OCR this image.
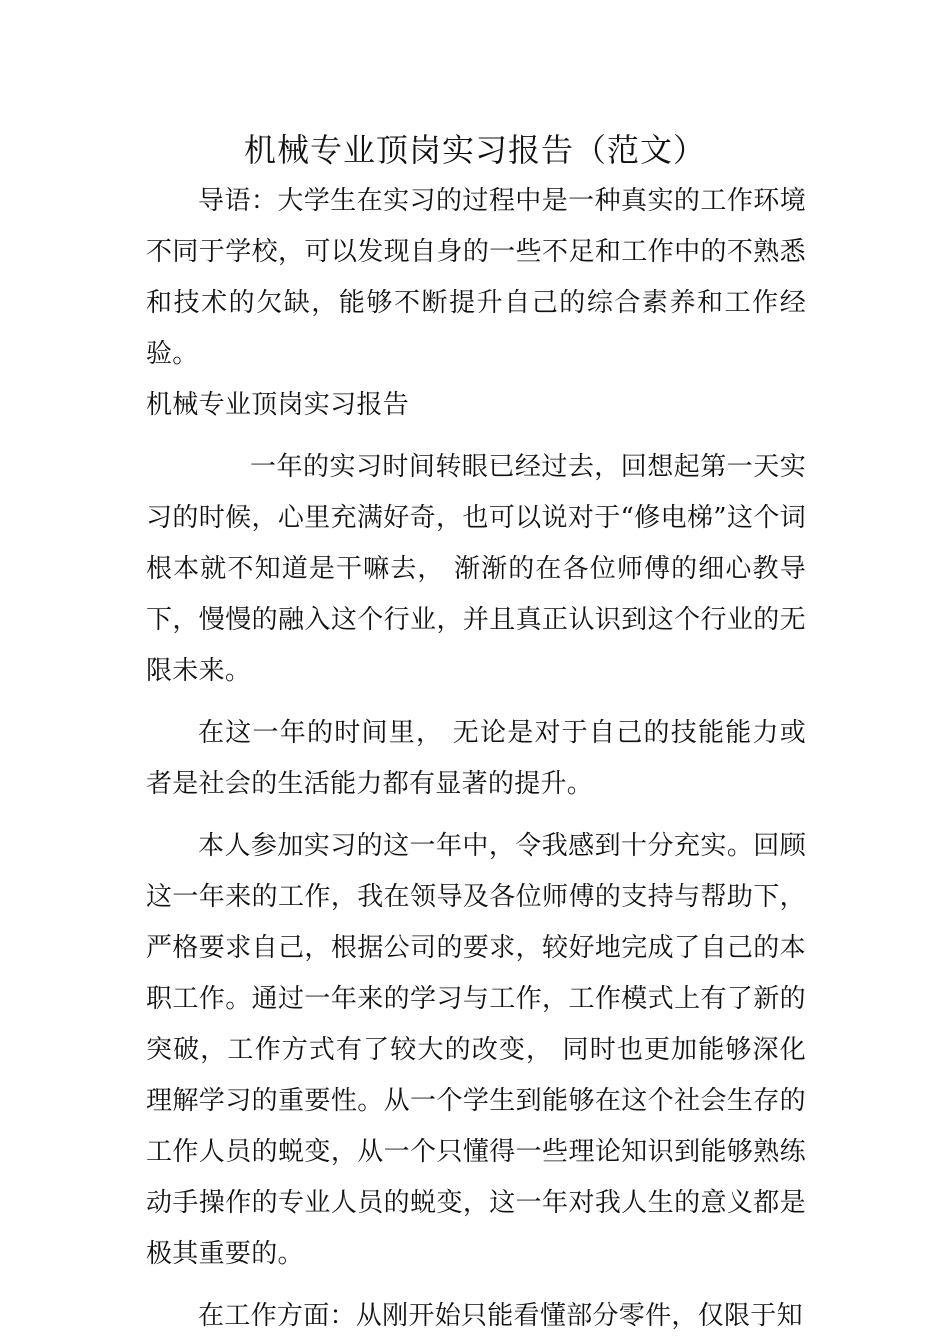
机械专业顶岗实习报告（范文）

导语：大学生在实习的过程中是一种真实的工作环境不同于学校，可以发现自身的一些不足和工作中的不熟悉和技术的欠缺，能够不断提升自己的综合素养和工作经验。

机械专业顶岗实习报告

一年的实习时间转眼已经过去，回想起第一天实习的时候，心里充满好奇，也可以说对于“修电梯”这个词根本就不知道是干嘛去， 渐渐的在各位师傅的细心教导下，慢慢的融入这个行业，并且真正认识到这个行业的无限未来。

在这一年的时间里， 无论是对于自己的技能能力或者是社会的生活能力都有显著的提升。

本人参加实习的这一年中，令我感到十分充实。回顾这一年来的工作，我在领导及各位师傅的支持与帮助下，严格要求自己，根据公司的要求，较好地完成了自己的本职工作。通过一年来的学习与工作，工作模式上有了新的突破，工作方式有了较大的改变， 同时也更加能够深化理解学习的重要性。从一个学生到能够在这个社会生存的工作人员的蜕变，从一个只懂得一些理论知识到能够熟练动手操作的专业人员的蜕变，这一年对我人生的意义都是极其重要的。

在工作方面：从刚开始只能看懂部分零件，仅限于知
